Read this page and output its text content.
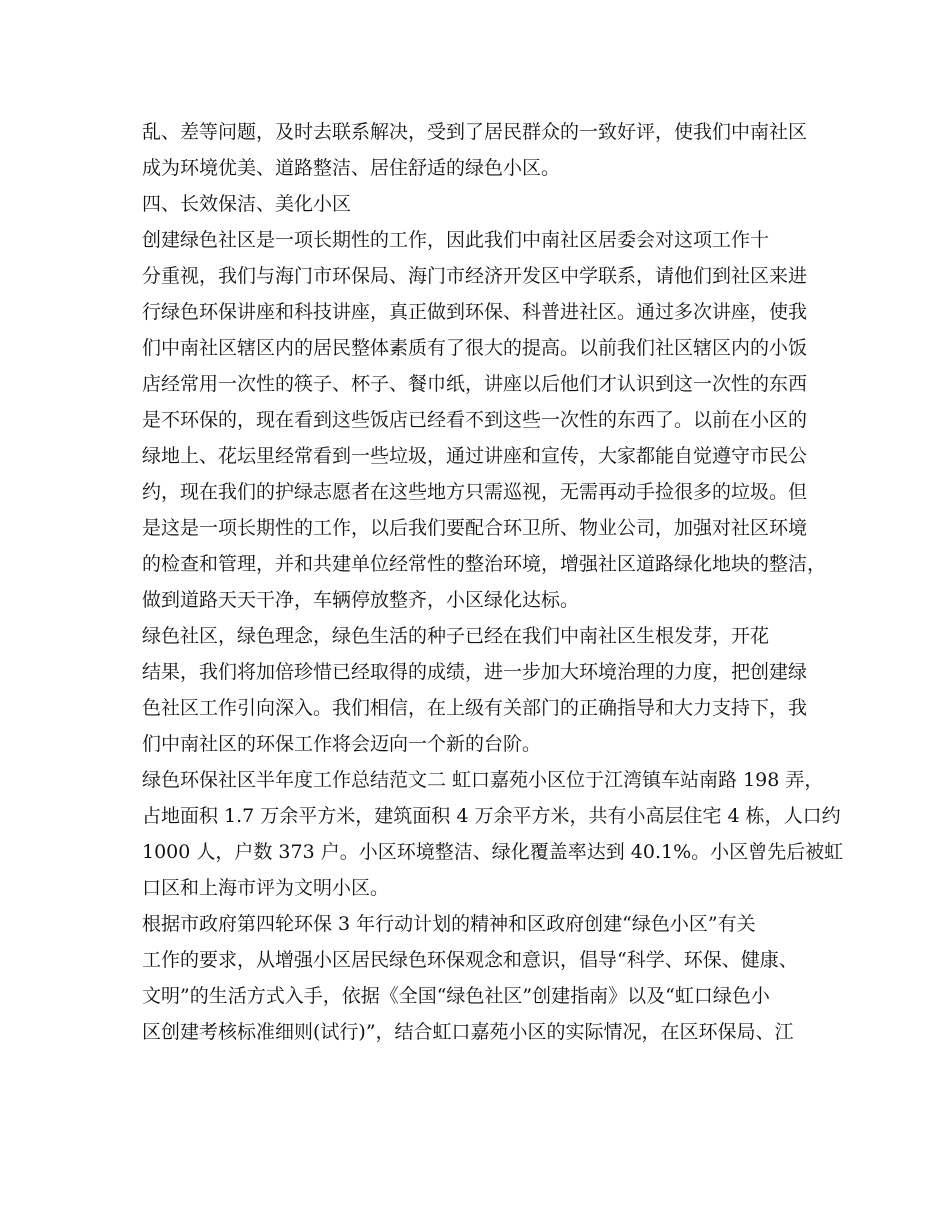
乱、差等问题，及时去联系解决，受到了居民群众的一致好评，使我们中南社区
成为环境优美、道路整洁、居住舒适的绿色小区。
四、长效保洁、美化小区
创建绿色社区是一项长期性的工作，因此我们中南社区居委会对这项工作十
分重视，我们与海门市环保局、海门市经济开发区中学联系，请他们到社区来进
行绿色环保讲座和科技讲座，真正做到环保、科普进社区。通过多次讲座，使我
们中南社区辖区内的居民整体素质有了很大的提高。以前我们社区辖区内的小饭
店经常用一次性的筷子、杯子、餐巾纸，讲座以后他们才认识到这一次性的东西
是不环保的，现在看到这些饭店已经看不到这些一次性的东西了。以前在小区的
绿地上、花坛里经常看到一些垃圾，通过讲座和宣传，大家都能自觉遵守市民公
约，现在我们的护绿志愿者在这些地方只需巡视，无需再动手捡很多的垃圾。但
是这是一项长期性的工作，以后我们要配合环卫所、物业公司，加强对社区环境
的检查和管理，并和共建单位经常性的整治环境，增强社区道路绿化地块的整洁，
做到道路天天干净，车辆停放整齐，小区绿化达标。
绿色社区，绿色理念，绿色生活的种子已经在我们中南社区生根发芽，开花
结果，我们将加倍珍惜已经取得的成绩，进一步加大环境治理的力度，把创建绿
色社区工作引向深入。我们相信，在上级有关部门的正确指导和大力支持下，我
们中南社区的环保工作将会迈向一个新的台阶。
绿色环保社区半年度工作总结范文二 虹口嘉苑小区位于江湾镇车站南路 198 弄，
占地面积 1.7 万余平方米，建筑面积 4 万余平方米，共有小高层住宅 4 栋，人口约
1000 人，户数 373 户。小区环境整洁、绿化覆盖率达到 40.1%。小区曾先后被虹
口区和上海市评为文明小区。
根据市政府第四轮环保 3 年行动计划的精神和区政府创建“绿色小区”有关
工作的要求，从增强小区居民绿色环保观念和意识，倡导“科学、环保、健康、
文明”的生活方式入手，依据《全国“绿色社区”创建指南》以及“虹口绿色小
区创建考核标准细则(试行)”，结合虹口嘉苑小区的实际情况，在区环保局、江
